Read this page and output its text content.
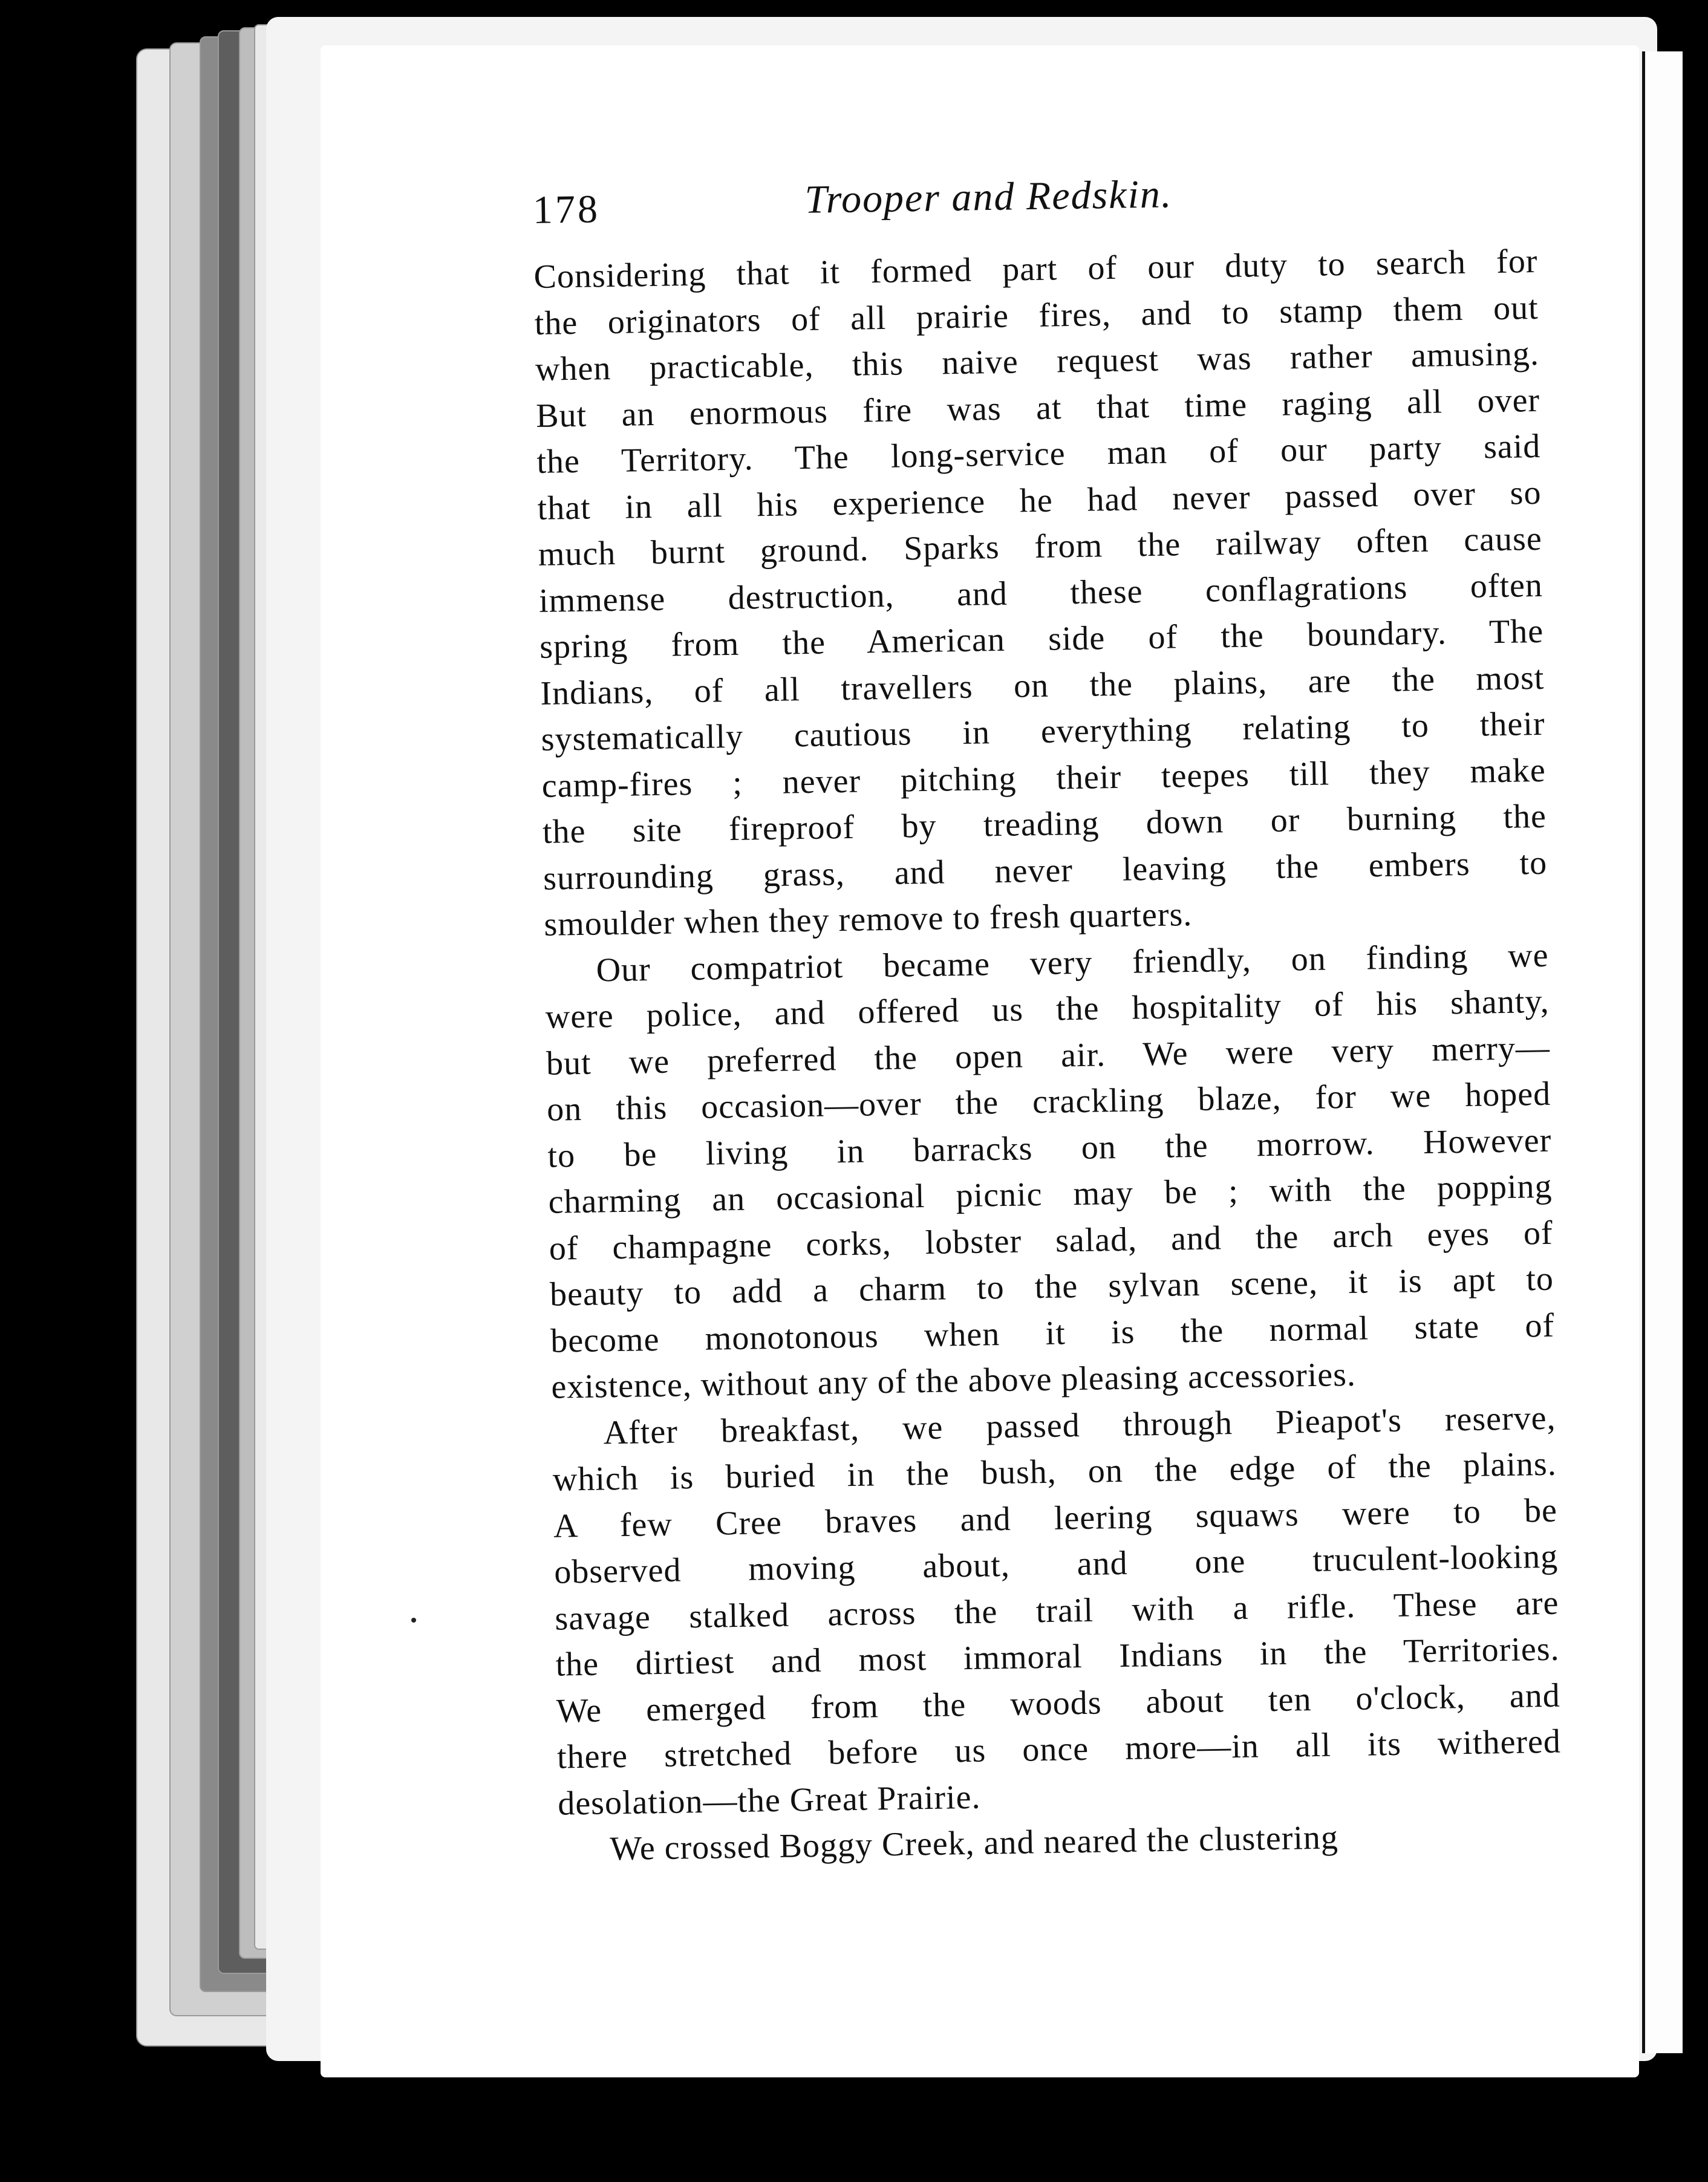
178	Trooper and Redskin.
Considering that it formed part of our duty to search for
the originators of all prairie fires, and to stamp them out
when practicable, this naive request was rather amusing.
But an enormous fire was at that time raging all over
the Territory. The long-service man of our party said
that in all his experience he had never passed over so
much burnt ground. Sparks from the railway often cause
immense destruction, and these conflagrations often
spring from the American side of the boundary. The
Indians, of all travellers on the plains, are the most
systematically cautious in everything relating to their
camp-fires ; never pitching their teepes till they make
the site fireproof by treading down or burning the
surrounding grass, and never leaving the embers to
smoulder when they remove to fresh quarters.
Our compatriot became very friendly, on finding we
were police, and offered us the hospitality of his shanty,
but we preferred the open air. We were very merry—
on this occasion—over the crackling blaze, for we hoped
to be living in barracks on the morrow. However
charming an occasional picnic may be ; with the popping
of champagne corks, lobster salad, and the arch eyes of
beauty to add a charm to the sylvan scene, it is apt to
become monotonous when it is the normal state of
existence, without any of the above pleasing accessories.
After breakfast, we passed through Pieapot's reserve,
which is buried in the bush, on the edge of the plains.
A few Cree braves and leering squaws were to be
observed moving about, and one truculent-looking
savage stalked across the trail with a rifle. These are
the dirtiest and most immoral Indians in the Territories.
We emerged from the woods about ten o'clock, and
there stretched before us once more—in all its withered
desolation—the Great Prairie.
We crossed Boggy Creek, and neared the clustering
